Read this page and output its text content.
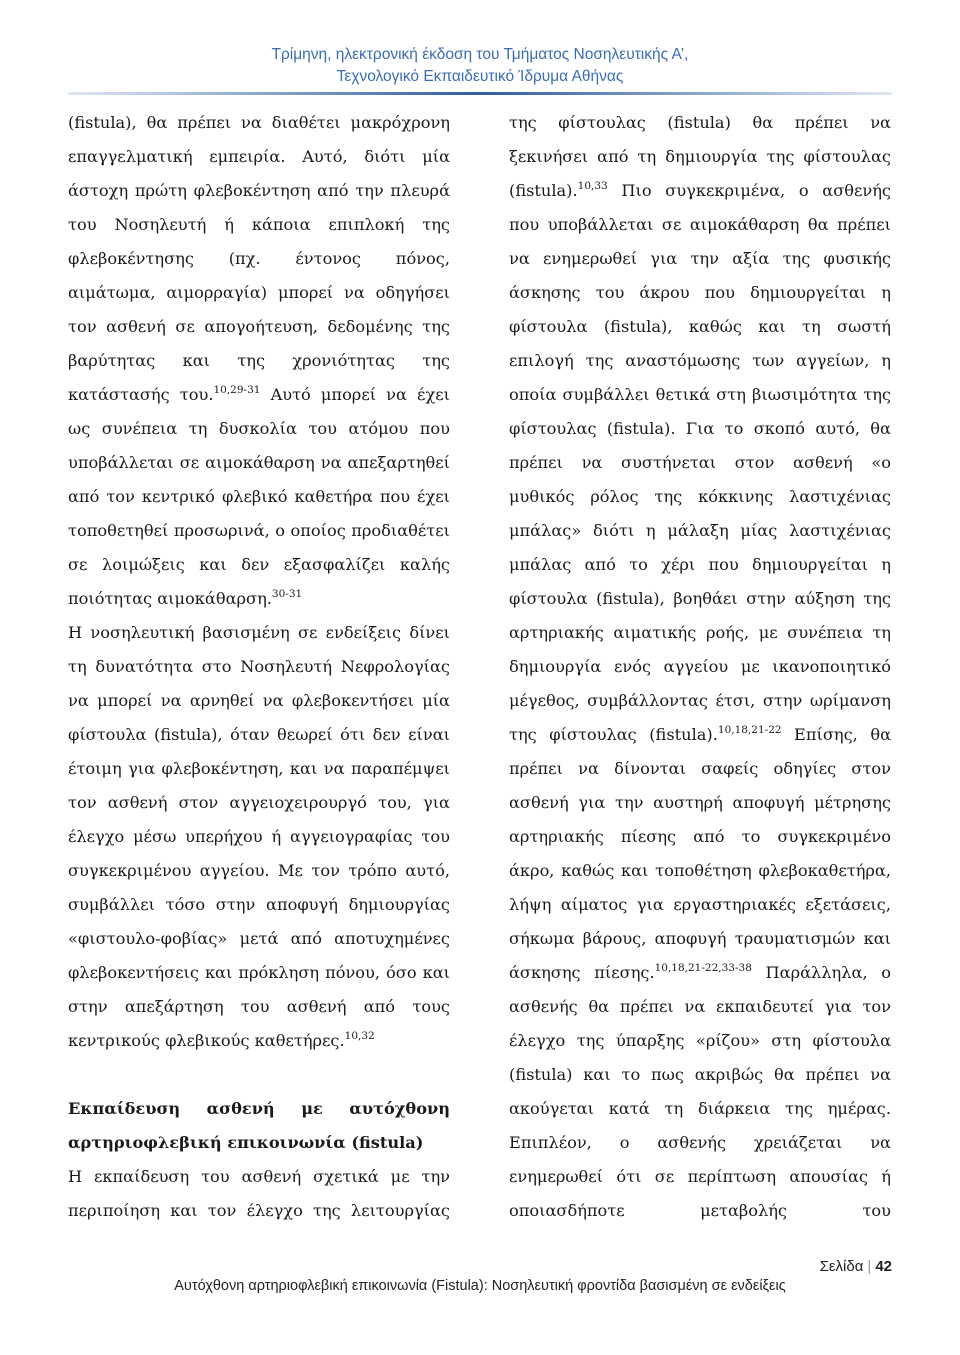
Τρίμηνη, ηλεκτρονική έκδοση του Τμήματος Νοσηλευτικής Α’,
Τεχνολογικό Εκπαιδευτικό Ίδρυμα Αθήνας

(fistula), θα πρέπει να διαθέτει μακρόχρονη επαγγελματική εμπειρία. Αυτό, διότι μία άστοχη πρώτη φλεβοκέντηση από την πλευρά του Νοσηλευτή ή κάποια επιπλοκή της φλεβοκέντησης (πχ. έντονος πόνος, αιμάτωμα, αιμορραγία) μπορεί να οδηγήσει τον ασθενή σε απογοήτευση, δεδομένης της βαρύτητας και της χρονιότητας της κατάστασής του.$^{10,29-31}$ Αυτό μπορεί να έχει ως συνέπεια τη δυσκολία του ατόμου που υποβάλλεται σε αιμοκάθαρση να απεξαρτηθεί από τον κεντρικό φλεβικό καθετήρα που έχει τοποθετηθεί προσωρινά, ο οποίος προδιαθέτει σε λοιμώξεις και δεν εξασφαλίζει καλής ποιότητας αιμοκάθαρση.$^{30-31}$

Η νοσηλευτική βασισμένη σε ενδείξεις δίνει τη δυνατότητα στο Νοσηλευτή Νεφρολογίας να μπορεί να αρνηθεί να φλεβοκεντήσει μία φίστουλα (fistula), όταν θεωρεί ότι δεν είναι έτοιμη για φλεβοκέντηση, και να παραπέμψει τον ασθενή στον αγγειοχειρουργό του, για έλεγχο μέσω υπερήχου ή αγγειογραφίας του συγκεκριμένου αγγείου. Με τον τρόπο αυτό, συμβάλλει τόσο στην αποφυγή δημιουργίας «φιστουλο-φοβίας» μετά από αποτυχημένες φλεβοκεντήσεις και πρόκληση πόνου, όσο και στην απεξάρτηση του ασθενή από τους κεντρικούς φλεβικούς καθετήρες.$^{10,32}$

Εκπαίδευση ασθενή με αυτόχθονη αρτηριοφλεβική επικοινωνία (fistula)

Η εκπαίδευση του ασθενή σχετικά με την περιποίηση και τον έλεγχο της λειτουργίας

της φίστουλας (fistula) θα πρέπει να ξεκινήσει από τη δημιουργία της φίστουλας (fistula).$^{10,33}$ Πιο συγκεκριμένα, ο ασθενής που υποβάλλεται σε αιμοκάθαρση θα πρέπει να ενημερωθεί για την αξία της φυσικής άσκησης του άκρου που δημιουργείται η φίστουλα (fistula), καθώς και τη σωστή επιλογή της αναστόμωσης των αγγείων, η οποία συμβάλλει θετικά στη βιωσιμότητα της φίστουλας (fistula). Για το σκοπό αυτό, θα πρέπει να συστήνεται στον ασθενή «ο μυθικός ρόλος της κόκκινης λαστιχένιας μπάλας» διότι η μάλαξη μίας λαστιχένιας μπάλας από το χέρι που δημιουργείται η φίστουλα (fistula), βοηθάει στην αύξηση της αρτηριακής αιματικής ροής, με συνέπεια τη δημιουργία ενός αγγείου με ικανοποιητικό μέγεθος, συμβάλλοντας έτσι, στην ωρίμανση της φίστουλας (fistula).$^{10,18,21-22}$ Επίσης, θα πρέπει να δίνονται σαφείς οδηγίες στον ασθενή για την αυστηρή αποφυγή μέτρησης αρτηριακής πίεσης από το συγκεκριμένο άκρο, καθώς και τοποθέτηση φλεβοκαθετήρα, λήψη αίματος για εργαστηριακές εξετάσεις, σήκωμα βάρους, αποφυγή τραυματισμών και άσκησης πίεσης.$^{10,18,21-22,33-38}$ Παράλληλα, ο ασθενής θα πρέπει να εκπαιδευτεί για τον έλεγχο της ύπαρξης «ρίζου» στη φίστουλα (fistula) και το πως ακριβώς θα πρέπει να ακούγεται κατά τη διάρκεια της ημέρας. Επιπλέον, ο ασθενής χρειάζεται να ενημερωθεί ότι σε περίπτωση απουσίας ή οποιασδήποτε μεταβολής του

Σελίδα | 42
Αυτόχθονη αρτηριοφλεβική επικοινωνία (Fistula): Νοσηλευτική φροντίδα βασισμένη σε ενδείξεις
